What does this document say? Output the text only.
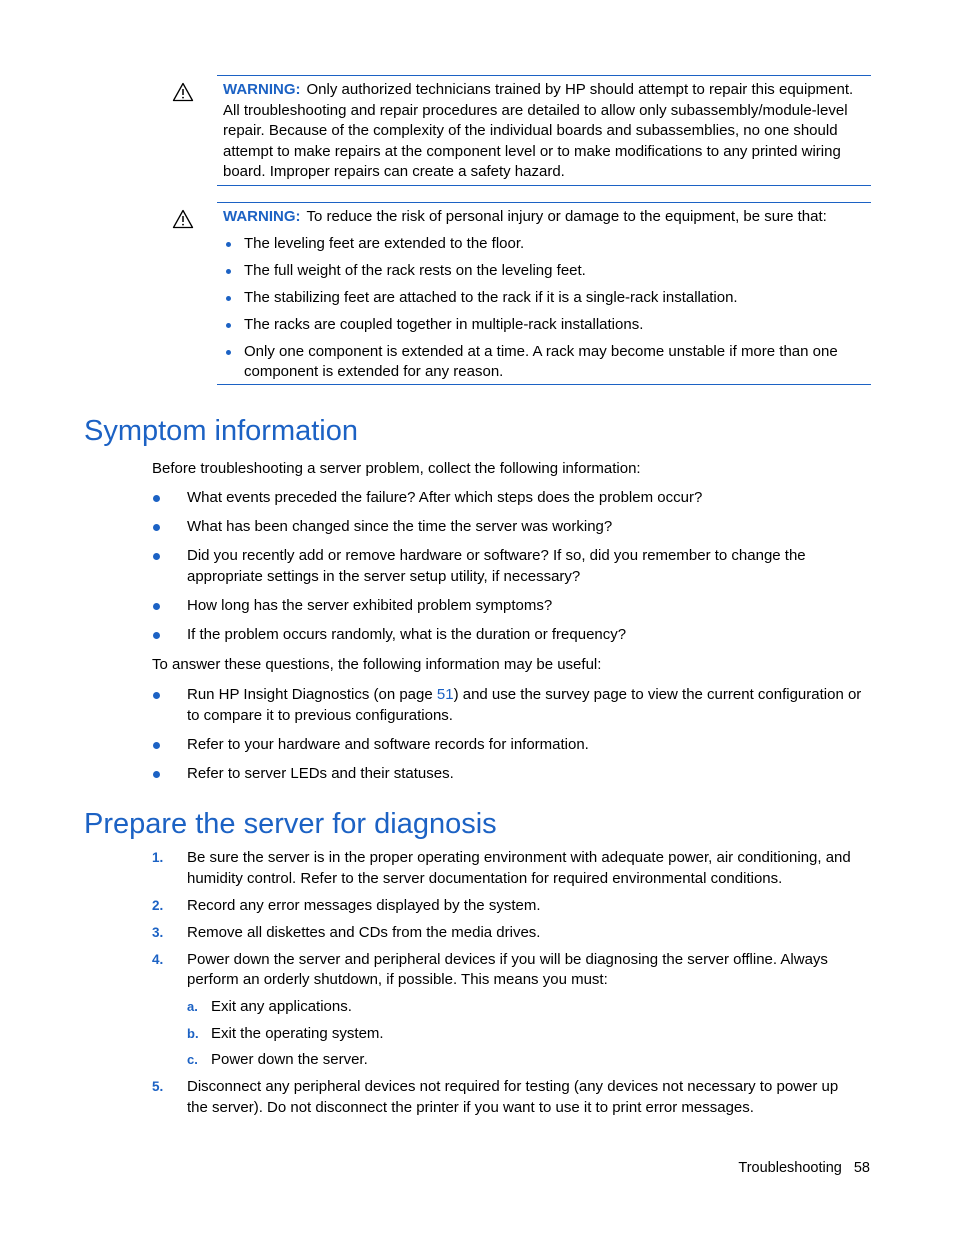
WARNING: Only authorized technicians trained by HP should attempt to repair this equipment. All troubleshooting and repair procedures are detailed to allow only subassembly/module-level repair. Because of the complexity of the individual boards and subassemblies, no one should attempt to make repairs at the component level or to make modifications to any printed wiring board. Improper repairs can create a safety hazard.
WARNING: To reduce the risk of personal injury or damage to the equipment, be sure that:
The leveling feet are extended to the floor.
The full weight of the rack rests on the leveling feet.
The stabilizing feet are attached to the rack if it is a single-rack installation.
The racks are coupled together in multiple-rack installations.
Only one component is extended at a time. A rack may become unstable if more than one component is extended for any reason.
Symptom information

Before troubleshooting a server problem, collect the following information:

What events preceded the failure? After which steps does the problem occur?
What has been changed since the time the server was working?
Did you recently add or remove hardware or software? If so, did you remember to change the appropriate settings in the server setup utility, if necessary?
How long has the server exhibited problem symptoms?
If the problem occurs randomly, what is the duration or frequency?

To answer these questions, the following information may be useful:

Run HP Insight Diagnostics (on page 51) and use the survey page to view the current configuration or to compare it to previous configurations.
Refer to your hardware and software records for information.
Refer to server LEDs and their statuses.
Prepare the server for diagnosis
1. Be sure the server is in the proper operating environment with adequate power, air conditioning, and humidity control. Refer to the server documentation for required environmental conditions.
2. Record any error messages displayed by the system.
3. Remove all diskettes and CDs from the media drives.
4. Power down the server and peripheral devices if you will be diagnosing the server offline. Always perform an orderly shutdown, if possible. This means you must:
a. Exit any applications.
b. Exit the operating system.
c. Power down the server.
5. Disconnect any peripheral devices not required for testing (any devices not necessary to power up the server). Do not disconnect the printer if you want to use it to print error messages.
Troubleshooting 58
